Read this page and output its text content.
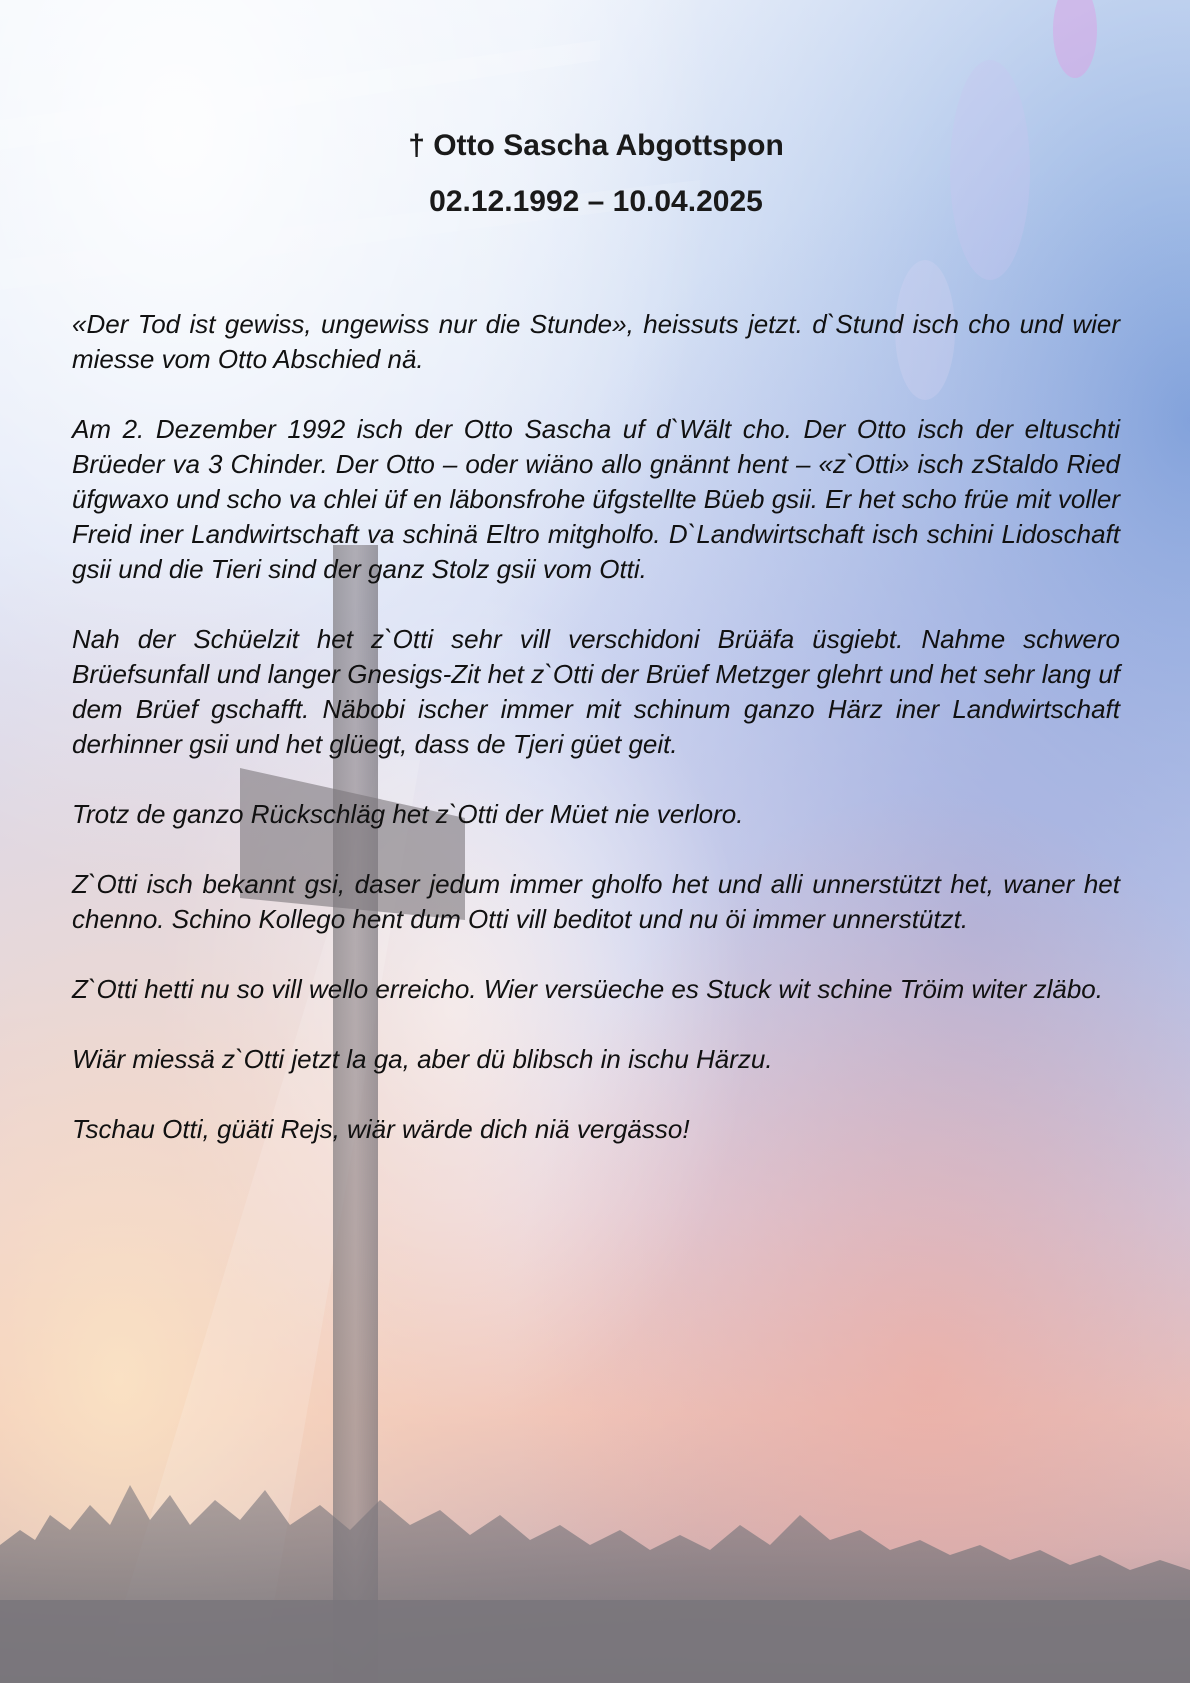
† Otto Sascha Abgottspon
02.12.1992 – 10.04.2025

«Der Tod ist gewiss, ungewiss nur die Stunde», heissuts jetzt. d`Stund isch cho und wier miesse vom Otto Abschied nä.

Am 2. Dezember 1992 isch der Otto Sascha uf d`Wält cho. Der Otto isch der eltuschti Brüeder va 3 Chinder. Der Otto – oder wiäno allo gnännt hent – «z`Otti» isch zStaldo Ried üfgwaxo und scho va chlei üf en läbonsfrohe üfgstellte Büeb gsii. Er het scho früe mit voller Freid iner Landwirtschaft va schinä Eltro mitgholfo. D`Landwirtschaft isch schini Lidoschaft gsii und die Tieri sind der ganz Stolz gsii vom Otti.

Nah der Schüelzit het z`Otti sehr vill verschidoni Brüäfa üsgiebt. Nahme schwero Brüefsunfall und langer Gnesigs-Zit het z`Otti der Brüef Metzger glehrt und het sehr lang uf dem Brüef gschafft. Näbobi ischer immer mit schinum ganzo Härz iner Landwirtschaft derhinner gsii und het glüegt, dass de Tjeri güet geit.

Trotz de ganzo Rückschläg het z`Otti der Müet nie verloro.

Z`Otti isch bekannt gsi, daser jedum immer gholfo het und alli unnerstützt het, waner het chenno. Schino Kollego hent dum Otti vill beditot und nu öi immer unnerstützt.

Z`Otti hetti nu so vill wello erreicho. Wier versüeche es Stuck wit schine Tröim witer zläbo.

Wiär miessä z`Otti jetzt la ga, aber dü blibsch in ischu Härzu.

Tschau Otti, güäti Rejs, wiär wärde dich niä vergässo!
